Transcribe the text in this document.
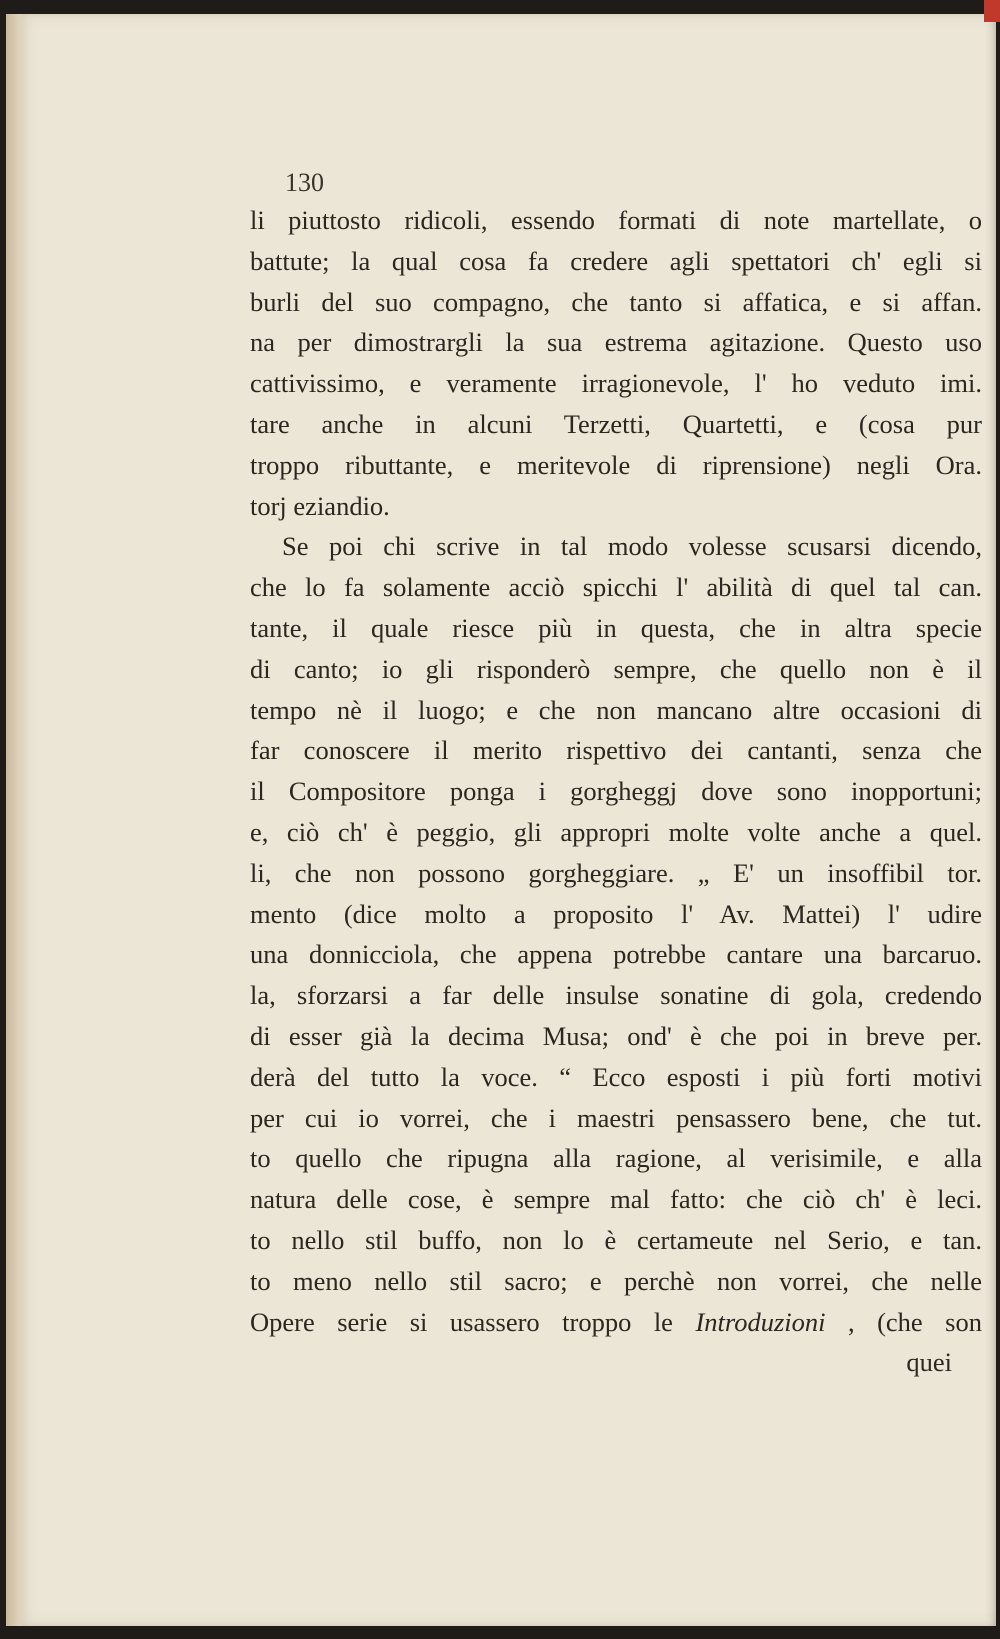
130
li piuttosto ridicoli, essendo formati di note martellate, o
battute; la qual cosa fa credere agli spettatori ch' egli si
burli del suo compagno, che tanto si affatica, e si affan.
na per dimostrargli la sua estrema agitazione. Questo uso
cattivissimo, e veramente irragionevole, l' ho veduto imi.
tare anche in alcuni Terzetti, Quartetti, e (cosa pur
troppo ributtante, e meritevole di riprensione) negli Ora.
torj eziandio.
Se poi chi scrive in tal modo volesse scusarsi dicendo,
che lo fa solamente acciò spicchi l' abilità di quel tal can.
tante, il quale riesce più in questa, che in altra specie
di canto; io gli risponderò sempre, che quello non è il
tempo nè il luogo; e che non mancano altre occasioni di
far conoscere il merito rispettivo dei cantanti, senza che
il Compositore ponga i gorgheggj dove sono inopportuni;
e, ciò ch' è peggio, gli appropri molte volte anche a quel.
li, che non possono gorgheggiare. „ E' un insoffibil tor.
mento (dice molto a proposito l' Av. Mattei) l' udire
una donnicciola, che appena potrebbe cantare una barcaruo.
la, sforzarsi a far delle insulse sonatine di gola, credendo
di esser già la decima Musa; ond' è che poi in breve per.
derà del tutto la voce. “ Ecco esposti i più forti motivi
per cui io vorrei, che i maestri pensassero bene, che tut.
to quello che ripugna alla ragione, al verisimile, e alla
natura delle cose, è sempre mal fatto: che ciò ch' è leci.
to nello stil buffo, non lo è certameute nel Serio, e tan.
to meno nello stil sacro; e perchè non vorrei, che nelle
Opere serie si usassero troppo le Introduzioni , (che son
quei
